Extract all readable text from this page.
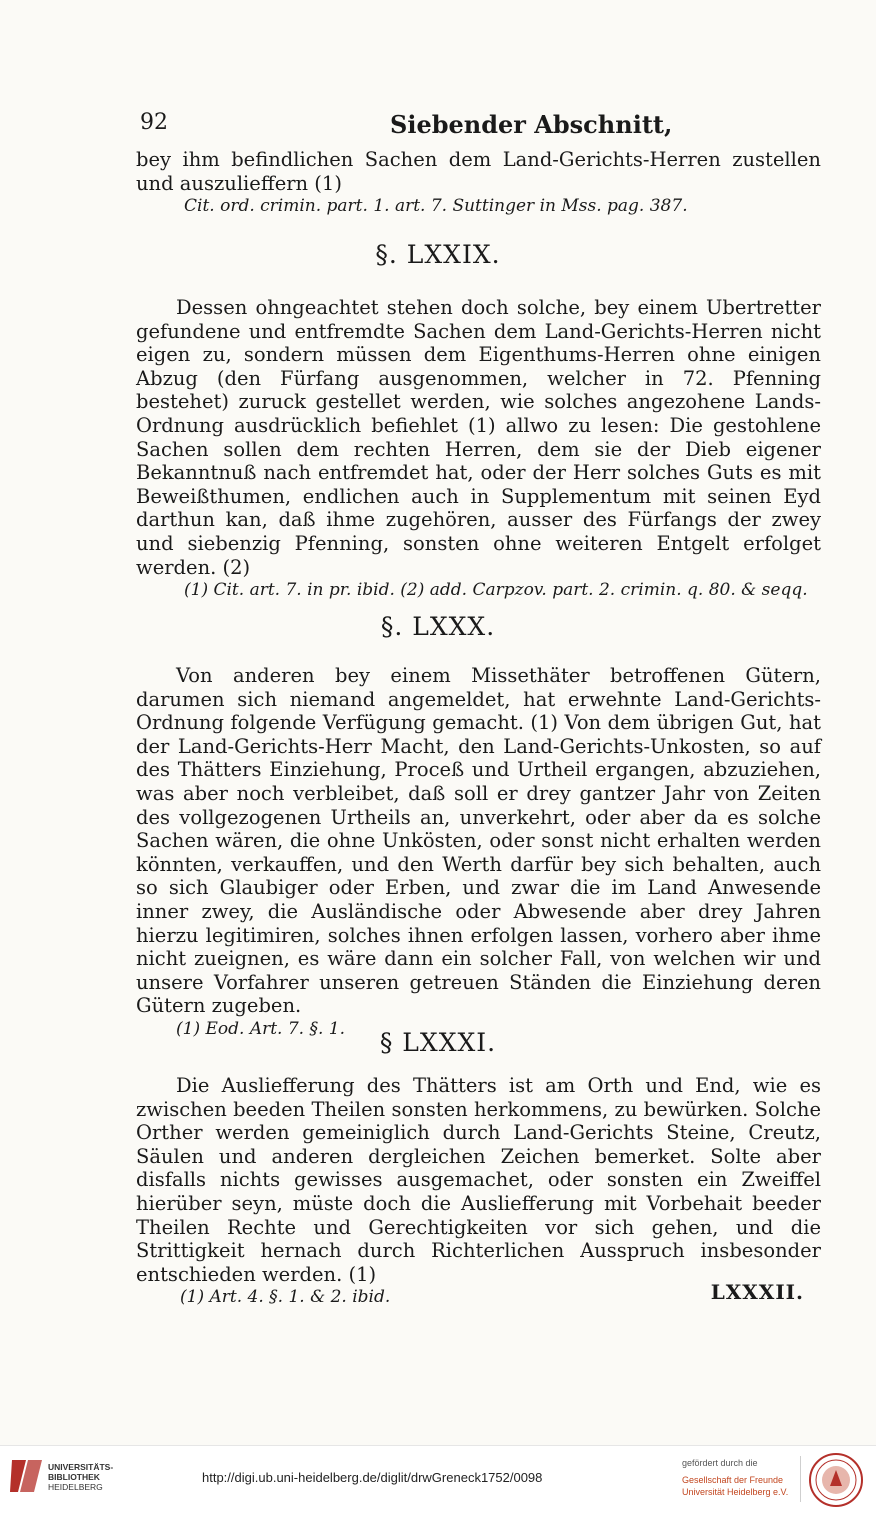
92	Siebender Abschnitt,

bey ihm befindlichen Sachen dem Land-Gerichts-Herren zustellen und auszulieffern (1)

Cit. ord. crimin. part. 1. art. 7. Suttinger in Mss. pag. 387.

§. LXXIX.

Dessen ohngeachtet stehen doch solche, bey einem Ubertretter gefundene und entfremdte Sachen dem Land-Gerichts-Herren nicht eigen zu, sondern müssen dem Eigenthums-Herren ohne einigen Abzug (den Fürfang ausgenommen, welcher in 72. Pfenning bestehet) zuruck gestellet werden, wie solches angezohene Lands-Ordnung ausdrücklich befiehlet (1) allwo zu lesen: Die gestohlene Sachen sollen dem rechten Herren, dem sie der Dieb eigener Bekanntnuß nach entfremdet hat, oder der Herr solches Guts es mit Beweißthumen, endlichen auch in Supplementum mit seinen Eyd darthun kan, daß ihme zugehören, ausser des Fürfangs der zwey und siebenzig Pfenning, sonsten ohne weiteren Entgelt erfolget werden. (2)

(1) Cit. art. 7. in pr. ibid. (2) add. Carpzov. part. 2. crimin. q. 80. & seqq.

§. LXXX.

Von anderen bey einem Missethäter betroffenen Gütern, darumen sich niemand angemeldet, hat erwehnte Land-Gerichts-Ordnung folgende Verfügung gemacht. (1) Von dem übrigen Gut, hat der Land-Gerichts-Herr Macht, den Land-Gerichts-Unkosten, so auf des Thätters Einziehung, Proceß und Urtheil ergangen, abzuziehen, was aber noch verbleibet, daß soll er drey gantzer Jahr von Zeiten des vollgezogenen Urtheils an, unverkehrt, oder aber da es solche Sachen wären, die ohne Unkösten, oder sonst nicht erhalten werden könnten, verkauffen, und den Werth darfür bey sich behalten, auch so sich Glaubiger oder Erben, und zwar die im Land Anwesende inner zwey, die Ausländische oder Abwesende aber drey Jahren hierzu legitimiren, solches ihnen erfolgen lassen, vorhero aber ihme nicht zueignen, es wäre dann ein solcher Fall, von welchen wir und unsere Vorfahrer unseren getreuen Ständen die Einziehung deren Gütern zugeben.

(1) Eod. Art. 7. §. 1.	§ LXXXI.

Die Ausliefferung des Thätters ist am Orth und End, wie es zwischen beeden Theilen sonsten herkommens, zu bewürken. Solche Orther werden gemeiniglich durch Land-Gerichts Steine, Creutz, Säulen und anderen dergleichen Zeichen bemerket. Solte aber disfalls nichts gewisses ausgemachet, oder sonsten ein Zweiffel hierüber seyn, müste doch die Ausliefferung mit Vorbehait beeder Theilen Rechte und Gerechtigkeiten vor sich gehen, und die Strittigkeit hernach durch Richterlichen Ausspruch insbesonder entschieden werden. (1)

(1) Art. 4. §. 1. & 2. ibid.	LXXXII.
UNIVERSITÄTS-
BIBLIOTHEK
HEIDELBERG
http://digi.ub.uni-heidelberg.de/diglit/drwGreneck1752/0098
gefördert durch die
Gesellschaft der Freunde
Universität Heidelberg e.V.
